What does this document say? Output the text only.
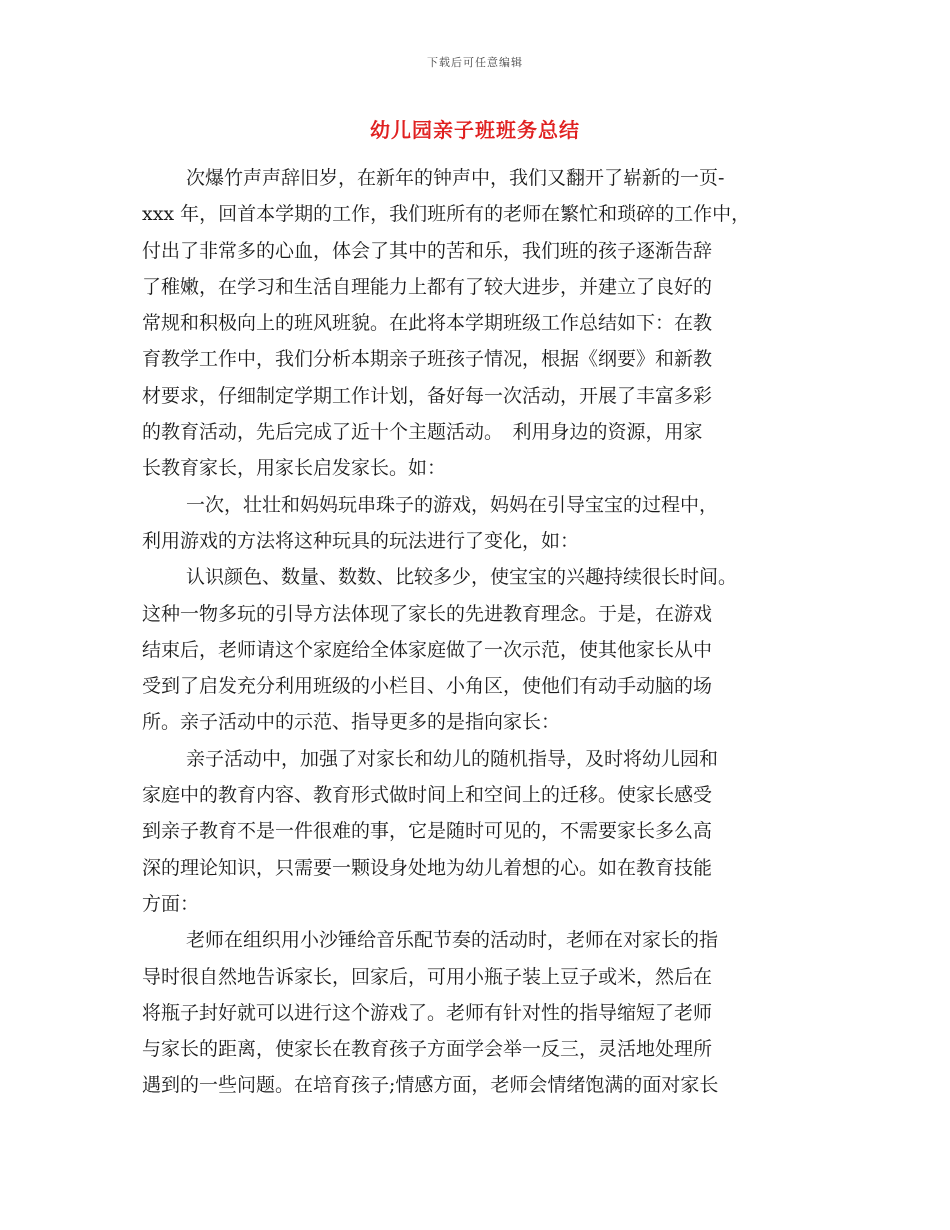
下载后可任意编辑
幼儿园亲子班班务总结
次爆竹声声辞旧岁，在新年的钟声中，我们又翻开了崭新的一页-
xxx 年，回首本学期的工作，我们班所有的老师在繁忙和琐碎的工作中，
付出了非常多的心血，体会了其中的苦和乐，我们班的孩子逐渐告辞
了稚嫩，在学习和生活自理能力上都有了较大进步，并建立了良好的
常规和积极向上的班风班貌。在此将本学期班级工作总结如下：在教
育教学工作中，我们分析本期亲子班孩子情况，根据《纲要》和新教
材要求，仔细制定学期工作计划，备好每一次活动，开展了丰富多彩
的教育活动，先后完成了近十个主题活动。　利用身边的资源，用家
长教育家长，用家长启发家长。如：
一次，壮壮和妈妈玩串珠子的游戏，妈妈在引导宝宝的过程中，
利用游戏的方法将这种玩具的玩法进行了变化，如：
认识颜色、数量、数数、比较多少，使宝宝的兴趣持续很长时间。
这种一物多玩的引导方法体现了家长的先进教育理念。于是，在游戏
结束后，老师请这个家庭给全体家庭做了一次示范，使其他家长从中
受到了启发充分利用班级的小栏目、小角区，使他们有动手动脑的场
所。亲子活动中的示范、指导更多的是指向家长：
亲子活动中，加强了对家长和幼儿的随机指导，及时将幼儿园和
家庭中的教育内容、教育形式做时间上和空间上的迁移。使家长感受
到亲子教育不是一件很难的事，它是随时可见的，不需要家长多么高
深的理论知识，只需要一颗设身处地为幼儿着想的心。如在教育技能
方面：
老师在组织用小沙锤给音乐配节奏的活动时，老师在对家长的指
导时很自然地告诉家长，回家后，可用小瓶子装上豆子或米，然后在
将瓶子封好就可以进行这个游戏了。老师有针对性的指导缩短了老师
与家长的距离，使家长在教育孩子方面学会举一反三，灵活地处理所
遇到的一些问题。在培育孩子;情感方面，老师会情绪饱满的面对家长
